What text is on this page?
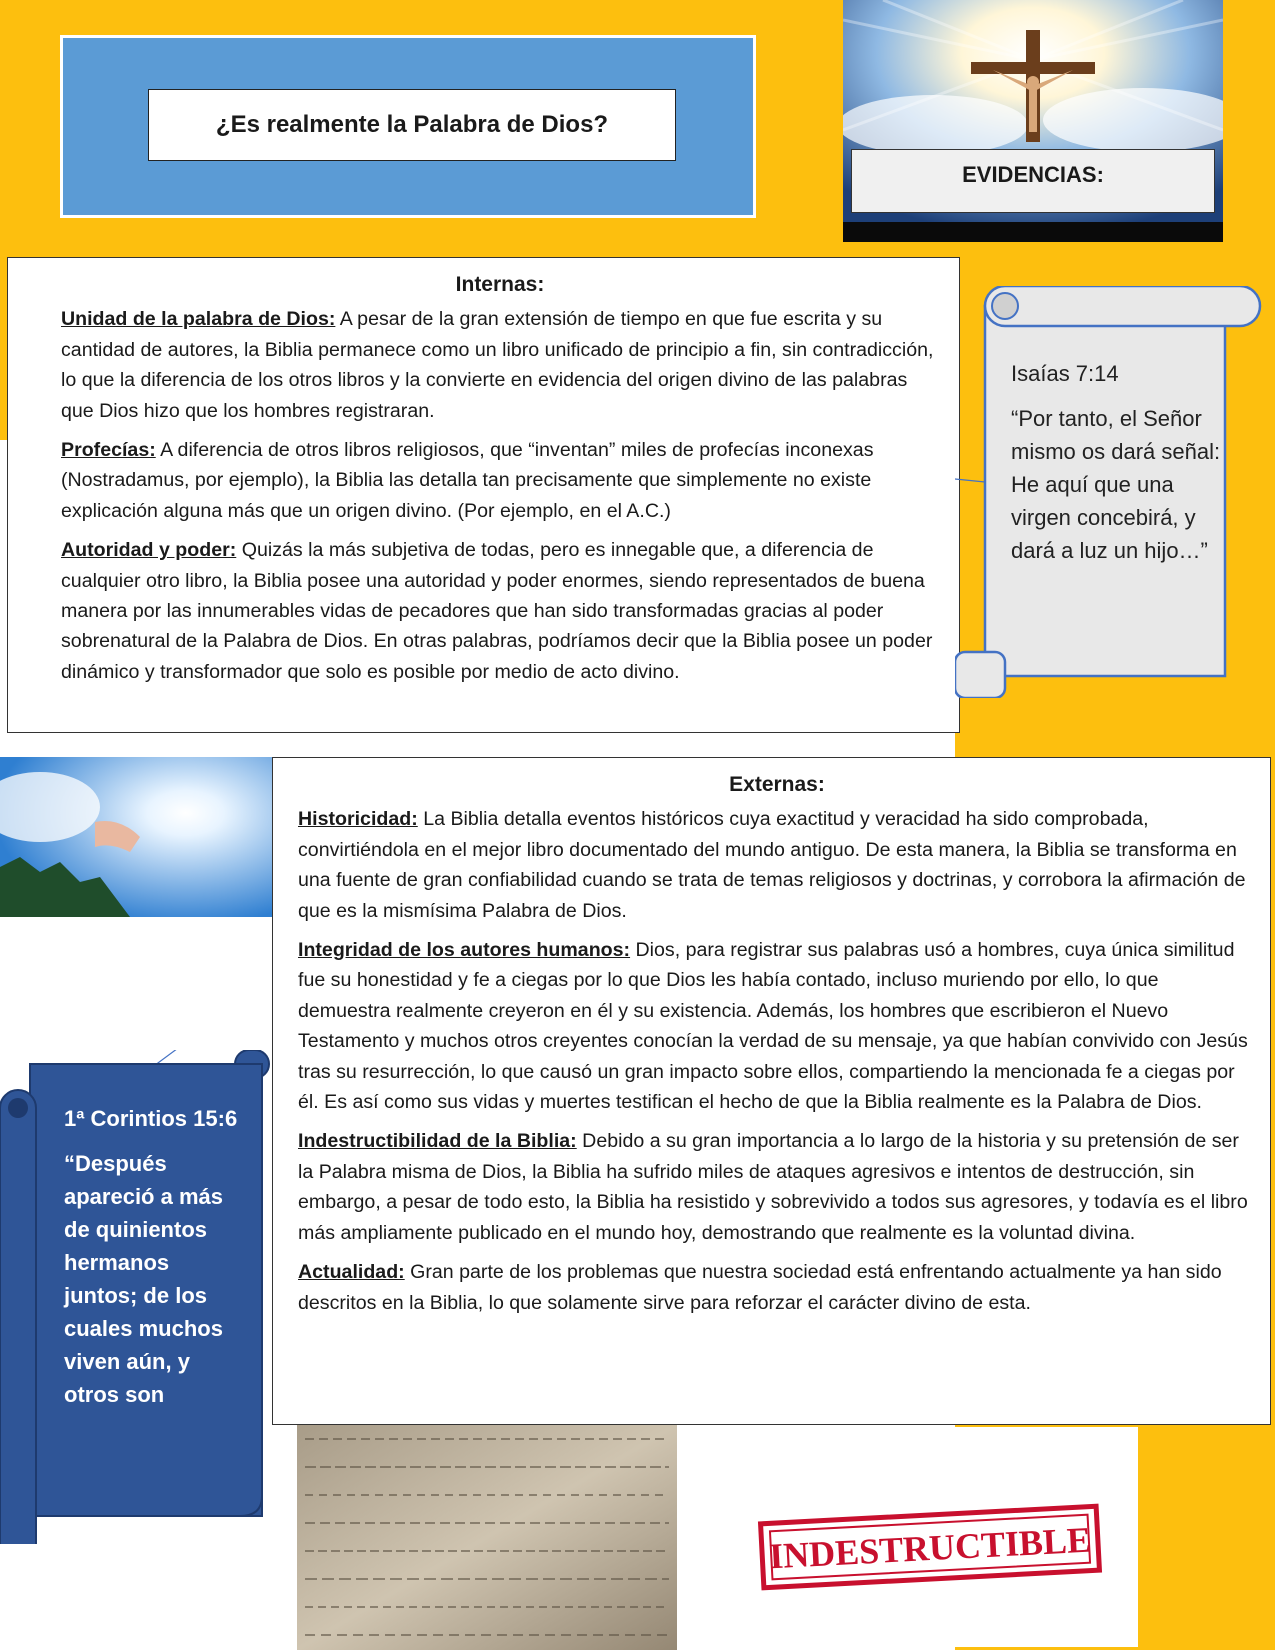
¿Es realmente la Palabra de Dios?
EVIDENCIAS:
Internas:

Unidad de la palabra de Dios: A pesar de la gran extensión de tiempo en que fue escrita y su cantidad de autores, la Biblia permanece como un libro unificado de principio a fin, sin contradicción, lo que la diferencia de los otros libros y la convierte en evidencia del origen divino de las palabras que Dios hizo que los hombres registraran.

Profecías: A diferencia de otros libros religiosos, que “inventan” miles de profecías inconexas (Nostradamus, por ejemplo), la Biblia las detalla tan precisamente que simplemente no existe explicación alguna más que un origen divino. (Por ejemplo, en el A.C.)

Autoridad y poder: Quizás la más subjetiva de todas, pero es innegable que, a diferencia de cualquier otro libro, la Biblia posee una autoridad y poder enormes, siendo representados de buena manera por las innumerables vidas de pecadores que han sido transformadas gracias al poder sobrenatural de la Palabra de Dios. En otras palabras, podríamos decir que la Biblia posee un poder dinámico y transformador que solo es posible por medio de acto divino.

Isaías 7:14

“Por tanto, el Señor mismo os dará señal: He aquí que una virgen concebirá, y dará a luz un hijo…”

Externas:

Historicidad: La Biblia detalla eventos históricos cuya exactitud y veracidad ha sido comprobada, convirtiéndola en el mejor libro documentado del mundo antiguo. De esta manera, la Biblia se transforma en una fuente de gran confiabilidad cuando se trata de temas religiosos y doctrinas, y corrobora la afirmación de que es la mismísima Palabra de Dios.

Integridad de los autores humanos: Dios, para registrar sus palabras usó a hombres, cuya única similitud fue su honestidad y fe a ciegas por lo que Dios les había contado, incluso muriendo por ello, lo que demuestra realmente creyeron en él y su existencia. Además, los hombres que escribieron el Nuevo Testamento y muchos otros creyentes conocían la verdad de su mensaje, ya que habían convivido con Jesús tras su resurrección, lo que causó un gran impacto sobre ellos, compartiendo la mencionada fe a ciegas por él. Es así como sus vidas y muertes testifican el hecho de que la Biblia realmente es la Palabra de Dios.

Indestructibilidad de la Biblia: Debido a su gran importancia a lo largo de la historia y su pretensión de ser la Palabra misma de Dios, la Biblia ha sufrido miles de ataques agresivos e intentos de destrucción, sin embargo, a pesar de todo esto, la Biblia ha resistido y sobrevivido a todos sus agresores, y todavía es el libro más ampliamente publicado en el mundo hoy, demostrando que realmente es la voluntad divina.

Actualidad: Gran parte de los problemas que nuestra sociedad está enfrentando actualmente ya han sido descritos en la Biblia, lo que solamente sirve para reforzar el carácter divino de esta.

1ª Corintios 15:6

“Después apareció a más de quinientos hermanos juntos; de los cuales muchos viven aún, y otros son

INDESTRUCTIBLE
